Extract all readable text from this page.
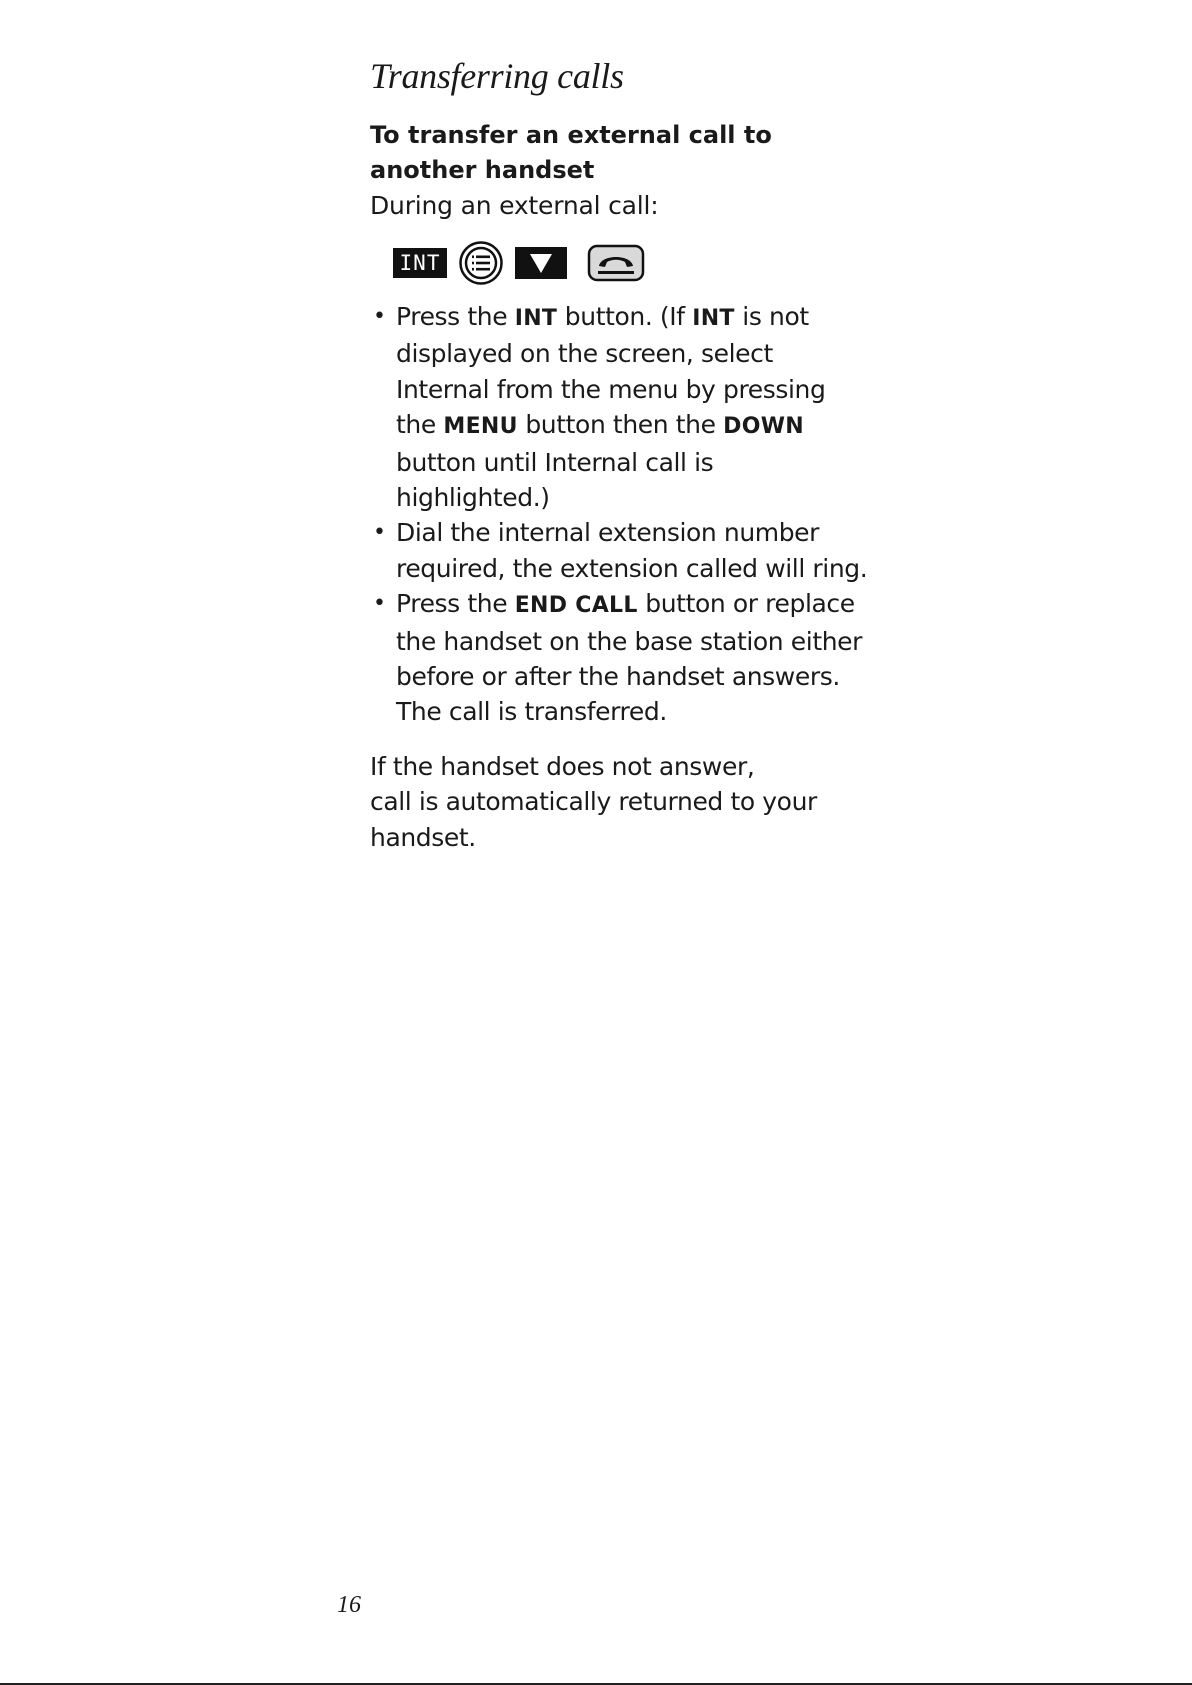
Transferring calls
To transfer an external call to
another handset

During an external call:

INT
• Press the INT button. (If INT is not displayed on the screen, select Internal from the menu by pressing the MENU button then the DOWN button until Internal call is highlighted.)
• Dial the internal extension number required, the extension called will ring.
• Press the END CALL button or replace the handset on the base station either before or after the handset answers. The call is transferred.

If the handset does not answer,
call is automatically returned to your
handset.

16
